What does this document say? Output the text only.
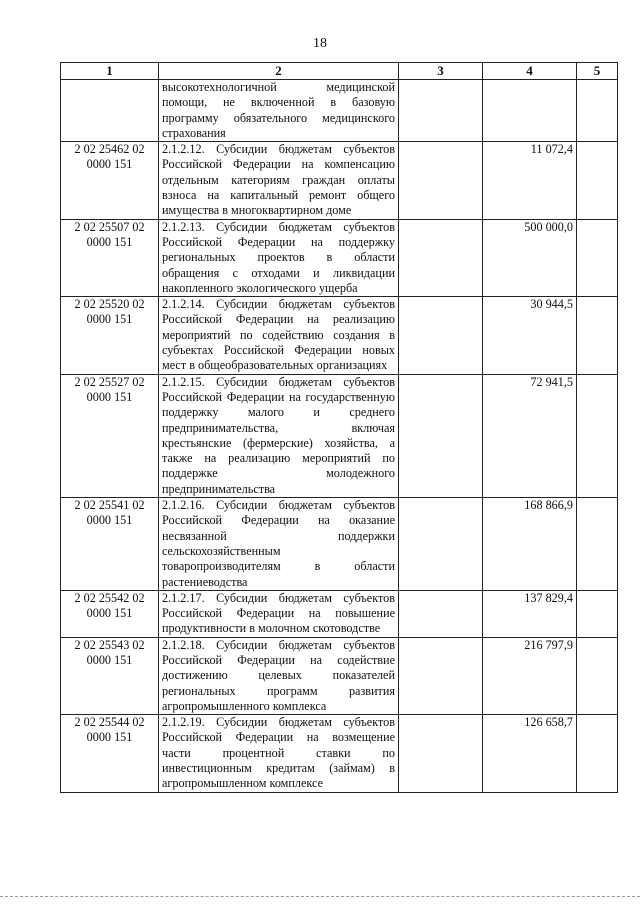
18
1	2	3	4	5
	высокотехнологичной медицинской помощи, не включенной в базовую программу обязательного медицинского страхования			
2 02 25462 02 0000 151	2.1.2.12. Субсидии бюджетам субъектов Российской Федерации на компенсацию отдельным категориям граждан оплаты взноса на капитальный ремонт общего имущества в многоквартирном доме		11 072,4	
2 02 25507 02 0000 151	2.1.2.13. Субсидии бюджетам субъектов Российской Федерации на поддержку региональных проектов в области обращения с отходами и ликвидации накопленного экологического ущерба		500 000,0	
2 02 25520 02 0000 151	2.1.2.14. Субсидии бюджетам субъектов Российской Федерации на реализацию мероприятий по содействию создания в субъектах Российской Федерации новых мест в общеобразовательных организациях		30 944,5	
2 02 25527 02 0000 151	2.1.2.15. Субсидии бюджетам субъектов Российской Федерации на государственную поддержку малого и среднего предпринимательства, включая крестьянские (фермерские) хозяйства, а также на реализацию мероприятий по поддержке молодежного предпринимательства		72 941,5	
2 02 25541 02 0000 151	2.1.2.16. Субсидии бюджетам субъектов Российской Федерации на оказание несвязанной поддержки сельскохозяйственным товаропроизводителям в области растениеводства		168 866,9	
2 02 25542 02 0000 151	2.1.2.17. Субсидии бюджетам субъектов Российской Федерации на повышение продуктивности в молочном скотоводстве		137 829,4	
2 02 25543 02 0000 151	2.1.2.18. Субсидии бюджетам субъектов Российской Федерации на содействие достижению целевых показателей региональных программ развития агропромышленного комплекса		216 797,9	
2 02 25544 02 0000 151	2.1.2.19. Субсидии бюджетам субъектов Российской Федерации на возмещение части процентной ставки по инвестиционным кредитам (займам) в агропромышленном комплексе		126 658,7	
